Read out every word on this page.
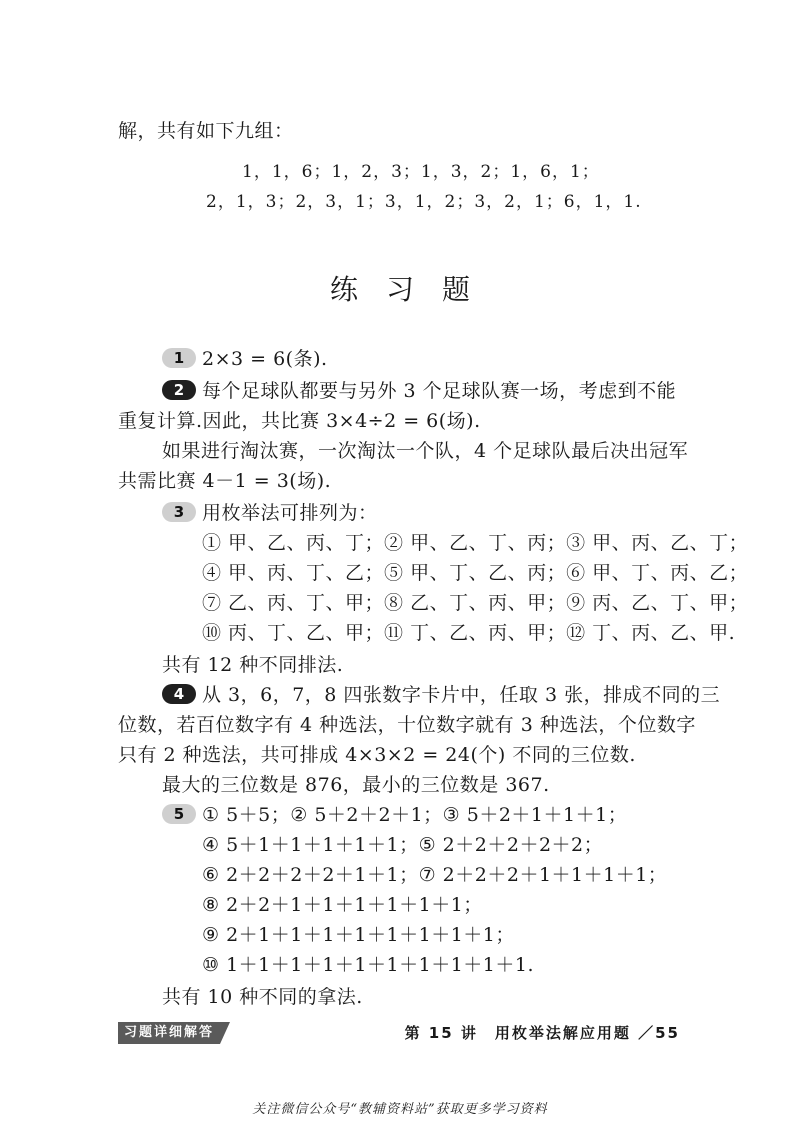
解，共有如下九组：
1，1，6；1，2，3；1，3，2；1，6，1；
2，1，3；2，3，1；3，1，2；3，2，1；6，1，1.
练习题
1 2×3 = 6(条).
2 每个足球队都要与另外 3 个足球队赛一场，考虑到不能
重复计算.因此，共比赛 3×4÷2 = 6(场).
如果进行淘汰赛，一次淘汰一个队，4 个足球队最后决出冠军
共需比赛 4－1 = 3(场).
3 用枚举法可排列为：
① 甲、乙、丙、丁；② 甲、乙、丁、丙；③ 甲、丙、乙、丁；
④ 甲、丙、丁、乙；⑤ 甲、丁、乙、丙；⑥ 甲、丁、丙、乙；
⑦ 乙、丙、丁、甲；⑧ 乙、丁、丙、甲；⑨ 丙、乙、丁、甲；
⑩ 丙、丁、乙、甲；⑪ 丁、乙、丙、甲；⑫ 丁、丙、乙、甲.
共有 12 种不同排法.
4 从 3，6，7，8 四张数字卡片中，任取 3 张，排成不同的三
位数，若百位数字有 4 种选法，十位数字就有 3 种选法，个位数字
只有 2 种选法，共可排成 4×3×2 = 24(个) 不同的三位数.
最大的三位数是 876，最小的三位数是 367.
5 ① 5＋5；② 5＋2＋2＋1；③ 5＋2＋1＋1＋1；
④ 5＋1＋1＋1＋1＋1；⑤ 2＋2＋2＋2＋2；
⑥ 2＋2＋2＋2＋1＋1；⑦ 2＋2＋2＋1＋1＋1＋1；
⑧ 2＋2＋1＋1＋1＋1＋1＋1；
⑨ 2＋1＋1＋1＋1＋1＋1＋1＋1；
⑩ 1＋1＋1＋1＋1＋1＋1＋1＋1＋1.
共有 10 种不同的拿法.
习题详细解答	第 15 讲　用枚举法解应用题 ／55
关注微信公众号“教辅资料站”获取更多学习资料
